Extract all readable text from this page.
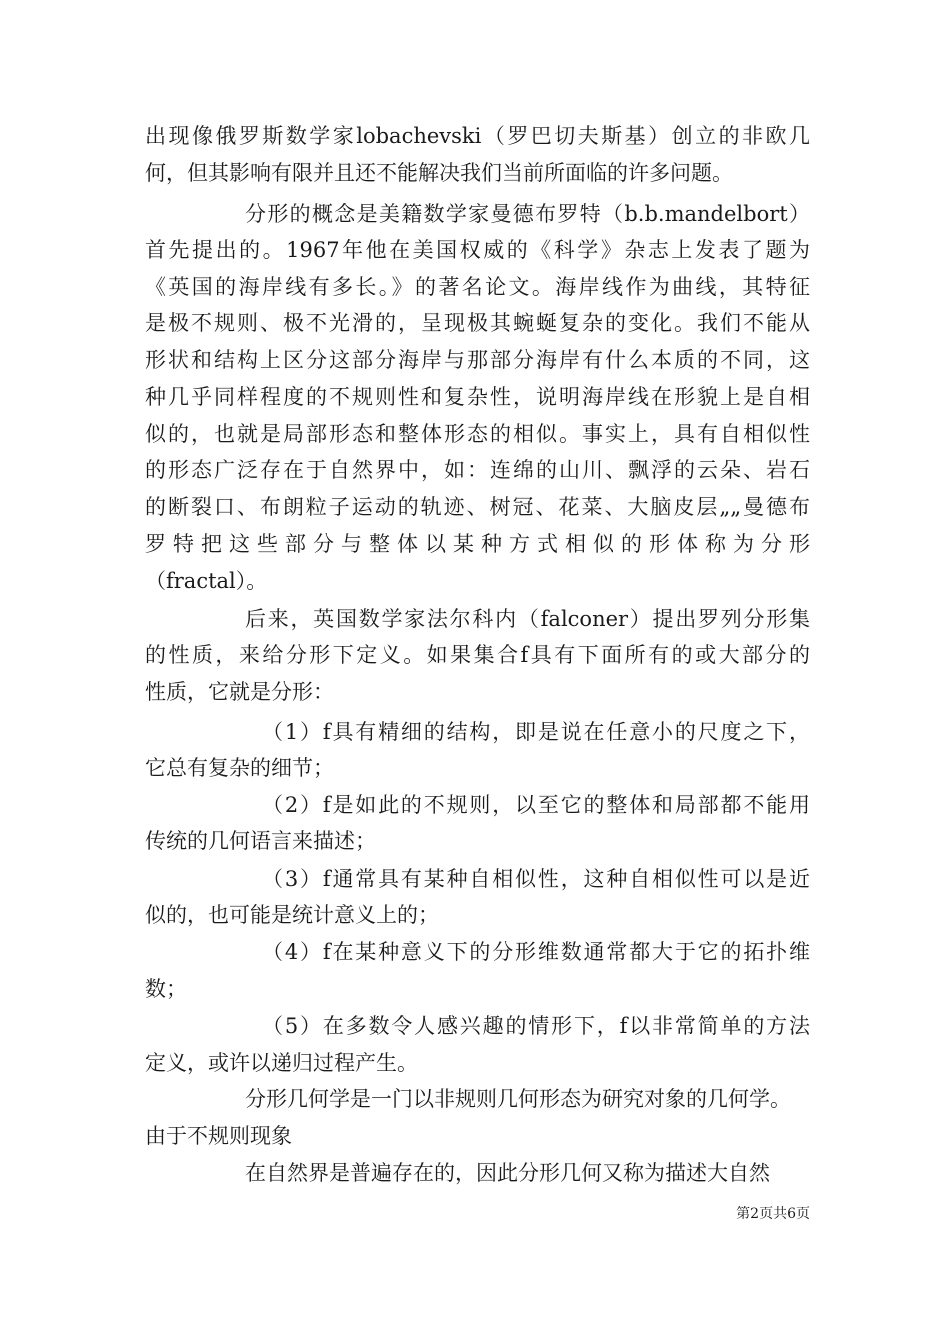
出现像俄罗斯数学家lobachevski（罗巴切夫斯基）创立的非欧几
何，但其影响有限并且还不能解决我们当前所面临的许多问题。
分形的概念是美籍数学家曼德布罗特（b.b.mandelbort）
首先提出的。1967年他在美国权威的《科学》杂志上发表了题为
《英国的海岸线有多长。》的著名论文。海岸线作为曲线，其特征
是极不规则、极不光滑的，呈现极其蜿蜒复杂的变化。我们不能从
形状和结构上区分这部分海岸与那部分海岸有什么本质的不同，这
种几乎同样程度的不规则性和复杂性，说明海岸线在形貌上是自相
似的，也就是局部形态和整体形态的相似。事实上，具有自相似性
的形态广泛存在于自然界中，如：连绵的山川、飘浮的云朵、岩石
的断裂口、布朗粒子运动的轨迹、树冠、花菜、大脑皮层„„曼德布
罗特把这些部分与整体以某种方式相似的形体称为分形
（fractal）。
后来，英国数学家法尔科内（falconer）提出罗列分形集
的性质，来给分形下定义。如果集合f具有下面所有的或大部分的
性质，它就是分形：
（1）f具有精细的结构，即是说在任意小的尺度之下，
它总有复杂的细节；
（2）f是如此的不规则，以至它的整体和局部都不能用
传统的几何语言来描述；
（3）f通常具有某种自相似性，这种自相似性可以是近
似的，也可能是统计意义上的；
（4）f在某种意义下的分形维数通常都大于它的拓扑维
数；
（5）在多数令人感兴趣的情形下，f以非常简单的方法
定义，或许以递归过程产生。
分形几何学是一门以非规则几何形态为研究对象的几何学。
由于不规则现象
在自然界是普遍存在的，因此分形几何又称为描述大自然
第2页共6页
